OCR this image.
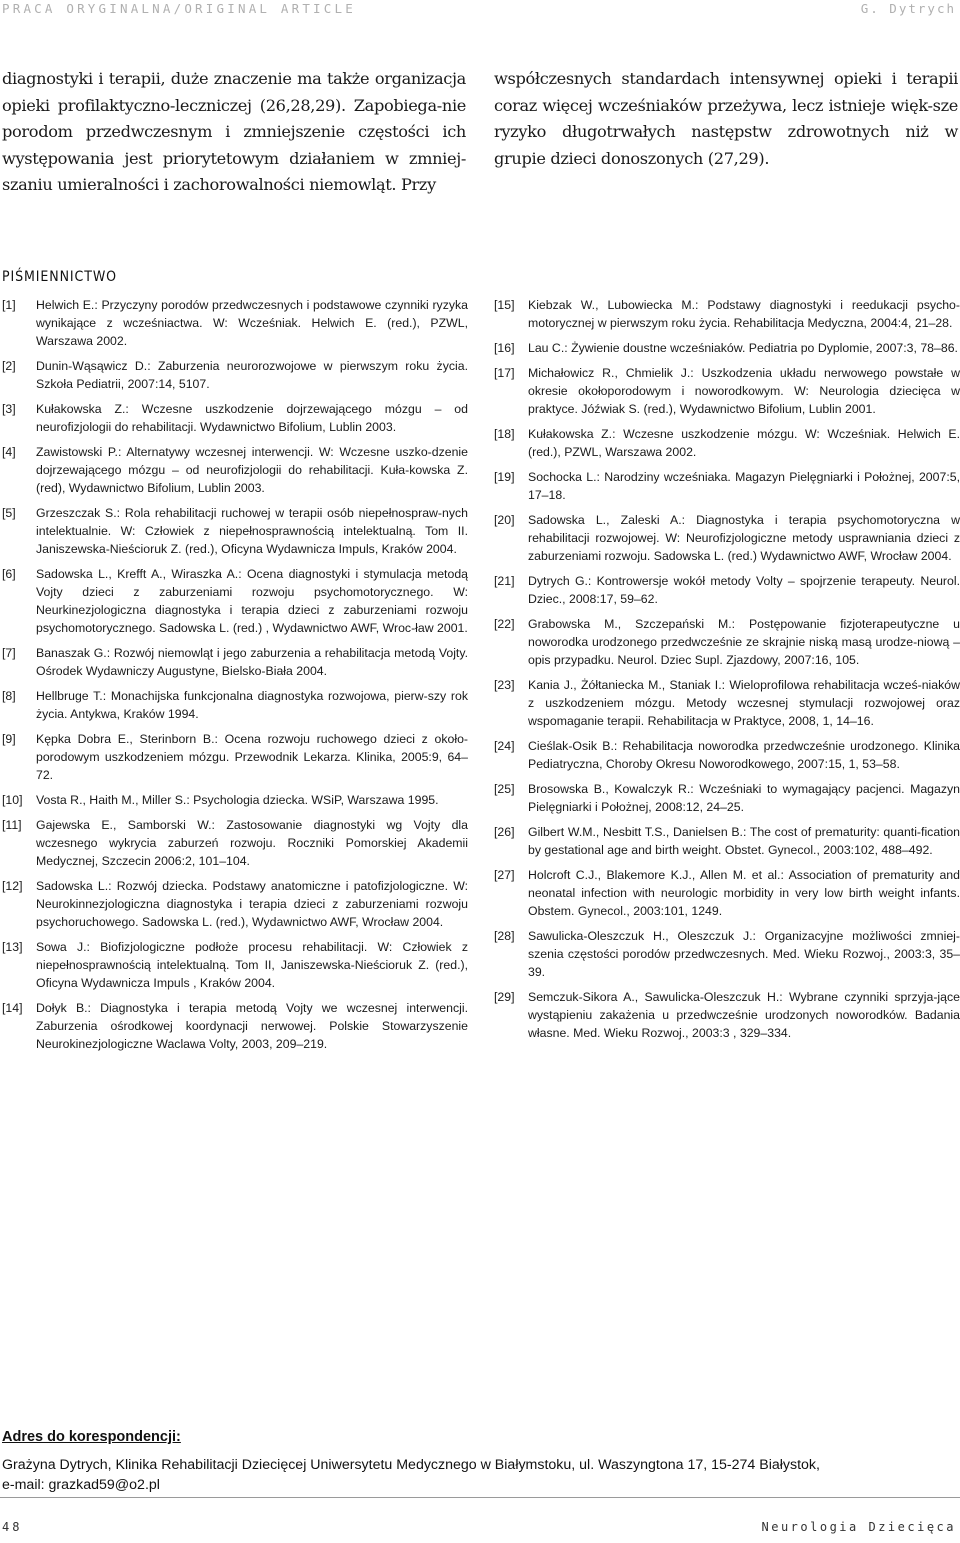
PRACA ORYGINALNA/ORIGINAL ARTICLE	G. Dytrych
diagnostyki i terapii, duże znaczenie ma także organizacja opieki profilaktyczno-leczniczej (26,28,29). Zapobiega-nie porodom przedwczesnym i zmniejszenie częstości ich występowania jest priorytetowym działaniem w zmniej-szaniu umieralności i zachorowalności niemowląt. Przy
współczesnych standardach intensywnej opieki i terapii coraz więcej wcześniaków przeżywa, lecz istnieje więk-sze ryzyko długotrwałych następstw zdrowotnych niż w grupie dzieci donoszonych (27,29).
PIŚMIENNICTWO
[1]	Helwich E.: Przyczyny porodów przedwczesnych i podstawowe czynniki ryzyka wynikające z wcześniactwa. W: Wcześniak. Helwich E. (red.), PZWL, Warszawa 2002.
[2]	Dunin-Wąsąwicz D.: Zaburzenia neurorozwojowe w pierwszym roku życia. Szkoła Pediatrii, 2007:14, 5107.
[3]	Kułakowska Z.: Wczesne uszkodzenie dojrzewającego mózgu – od neurofizjologii do rehabilitacji. Wydawnictwo Bifolium, Lublin 2003.
[4]	Zawistowski P.: Alternatywy wczesnej interwencji. W: Wczesne uszko-dzenie dojrzewającego mózgu – od neurofizjologii do rehabilitacji. Kuła-kowska Z. (red), Wydawnictwo Bifolium, Lublin 2003.
[5]	Grzeszczak S.: Rola rehabilitacji ruchowej w terapii osób niepełnospraw-nych intelektualnie. W: Człowiek z niepełnosprawnością intelektualną. Tom II. Janiszewska-Nieścioruk Z. (red.), Oficyna Wydawnicza Impuls, Kraków 2004.
[6]	Sadowska L., Krefft A., Wiraszka A.: Ocena diagnostyki i stymulacja metodą Vojty dzieci z zaburzeniami rozwoju psychomotorycznego. W: Neurkinezjologiczna diagnostyka i terapia dzieci z zaburzeniami rozwoju psychomotorycznego. Sadowska L. (red.) , Wydawnictwo AWF, Wroc-ław 2001.
[7]	Banaszak G.: Rozwój niemowląt i jego zaburzenia a rehabilitacja metodą Vojty. Ośrodek Wydawniczy Augustyne, Bielsko-Biała 2004.
[8]	Hellbruge T.: Monachijska funkcjonalna diagnostyka rozwojowa, pierw-szy rok życia. Antykwa, Kraków 1994.
[9]	Kępka Dobra E., Sterinborn B.: Ocena rozwoju ruchowego dzieci z około-porodowym uszkodzeniem mózgu. Przewodnik Lekarza. Klinika, 2005:9, 64–72.
[10]	Vosta R., Haith M., Miller S.: Psychologia dziecka. WSiP, Warszawa 1995.
[11]	Gajewska E., Samborski W.: Zastosowanie diagnostyki wg Vojty dla wczesnego wykrycia zaburzeń rozwoju. Roczniki Pomorskiej Akademii Medycznej, Szczecin 2006:2, 101–104.
[12]	Sadowska L.: Rozwój dziecka. Podstawy anatomiczne i patofizjologiczne. W: Neurokinnezjologiczna diagnostyka i terapia dzieci z zaburzeniami rozwoju psychoruchowego. Sadowska L. (red.), Wydawnictwo AWF, Wrocław 2004.
[13]	Sowa J.: Biofizjologiczne podłoże procesu rehabilitacji. W: Człowiek z niepełnosprawnością intelektualną. Tom II, Janiszewska-Nieścioruk Z. (red.), Oficyna Wydawnicza Impuls , Kraków 2004.
[14]	Dołyk B.: Diagnostyka i terapia metodą Vojty we wczesnej interwencji. Zaburzenia ośrodkowej koordynacji nerwowej. Polskie Stowarzyszenie Neurokinezjologiczne Waclawa Volty, 2003, 209–219.
[15]	Kiebzak W., Lubowiecka M.: Podstawy diagnostyki i reedukacji psycho-motorycznej w pierwszym roku życia. Rehabilitacja Medyczna, 2004:4, 21–28.
[16]	Lau C.: Żywienie doustne wcześniaków. Pediatria po Dyplomie, 2007:3, 78–86.
[17]	Michałowicz R., Chmielik J.: Uszkodzenia układu nerwowego powstałe w okresie okołoporodowym i noworodkowym. W: Neurologia dziecięca w praktyce. Jóźwiak S. (red.), Wydawnictwo Bifolium, Lublin 2001.
[18]	Kułakowska Z.: Wczesne uszkodzenie mózgu. W: Wcześniak. Helwich E. (red.), PZWL, Warszawa 2002.
[19]	Sochocka L.: Narodziny wcześniaka. Magazyn Pielęgniarki i Położnej, 2007:5, 17–18.
[20]	Sadowska L., Zaleski A.: Diagnostyka i terapia psychomotoryczna w rehabilitacji rozwojowej. W: Neurofizjologiczne metody usprawniania dzieci z zaburzeniami rozwoju. Sadowska L. (red.) Wydawnictwo AWF, Wrocław 2004.
[21]	Dytrych G.: Kontrowersje wokół metody Volty – spojrzenie terapeuty. Neurol. Dziec., 2008:17, 59–62.
[22]	Grabowska M., Szczepański M.: Postępowanie fizjoterapeutyczne u noworodka urodzonego przedwcześnie ze skrajnie niską masą urodze-niową – opis przypadku. Neurol. Dziec Supl. Zjazdowy, 2007:16, 105.
[23]	Kania J., Żółtaniecka M., Staniak I.: Wieloprofilowa rehabilitacja wcześ-niaków z uszkodzeniem mózgu. Metody wczesnej stymulacji rozwojowej oraz wspomaganie terapii. Rehabilitacja w Praktyce, 2008, 1, 14–16.
[24]	Cieślak-Osik B.: Rehabilitacja noworodka przedwcześnie urodzonego. Klinika Pediatryczna, Choroby Okresu Noworodkowego, 2007:15, 1, 53–58.
[25]	Brosowska B., Kowalczyk R.: Wcześniaki to wymagający pacjenci. Magazyn Pielęgniarki i Położnej, 2008:12, 24–25.
[26]	Gilbert W.M., Nesbitt T.S., Danielsen B.: The cost of prematurity: quanti-fication by gestational age and birth weight. Obstet. Gynecol., 2003:102, 488–492.
[27]	Holcroft C.J., Blakemore K.J., Allen M. et al.: Association of prematurity and neonatal infection with neurologic morbidity in very low birth weight infants. Obstem. Gynecol., 2003:101, 1249.
[28]	Sawulicka-Oleszczuk H., Oleszczuk J.: Organizacyjne możliwości zmniej-szenia częstości porodów przedwczesnych. Med. Wieku Rozwoj., 2003:3, 35–39.
[29]	Semczuk-Sikora A., Sawulicka-Oleszczuk H.: Wybrane czynniki sprzyja-jące wystąpieniu zakażenia u przedwcześnie urodzonych noworodków. Badania własne. Med. Wieku Rozwoj., 2003:3 , 329–334.
Adres do korespondencji:
Grażyna Dytrych, Klinika Rehabilitacji Dziecięcej Uniwersytetu Medycznego w Białymstoku, ul. Waszyngtona 17, 15-274 Białystok,
e-mail: grazkad59@o2.pl
48	Neurologia Dziecięca
